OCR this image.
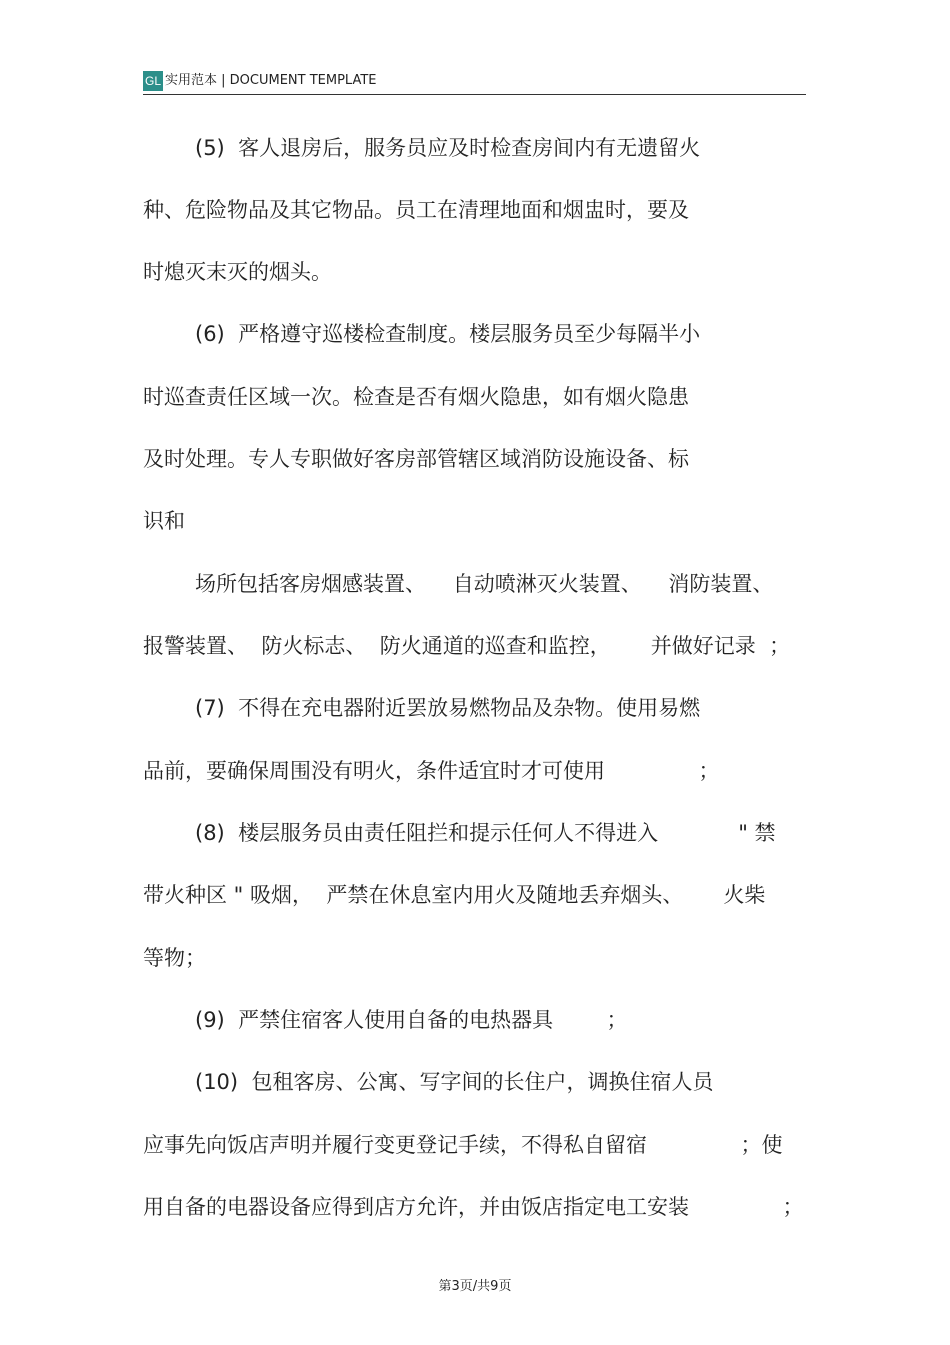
GL 实用范本 | DOCUMENT TEMPLATE
(5)  客人退房后，服务员应及时检查房间内有无遗留火
种、危险物品及其它物品。员工在清理地面和烟盅时，要及
时熄灭末灭的烟头。
(6)  严格遵守巡楼检查制度。楼层服务员至少每隔半小
时巡查责任区域一次。检查是否有烟火隐患，如有烟火隐患
及时处理。专人专职做好客房部管辖区域消防设施设备、标
识和
场所包括客房烟感装置、    自动喷淋灭火装置、    消防装置、
报警装置、  防火标志、  防火通道的巡查和监控，      并做好记录  ；
(7)  不得在充电器附近罢放易燃物品及杂物。使用易燃
品前，要确保周围没有明火，条件适宜时才可使用              ；
(8)  楼层服务员由责任阻拦和提示任何人不得进入            " 禁
带火种区 " 吸烟，  严禁在休息室内用火及随地丢弃烟头、      火柴
等物；
(9)  严禁住宿客人使用自备的电热器具        ；
(10)  包租客房、公寓、写字间的长住户，调换住宿人员
应事先向饭店声明并履行变更登记手续，不得私自留宿              ；使
用自备的电器设备应得到店方允许，并由饭店指定电工安装              ；
第3页/共9页
